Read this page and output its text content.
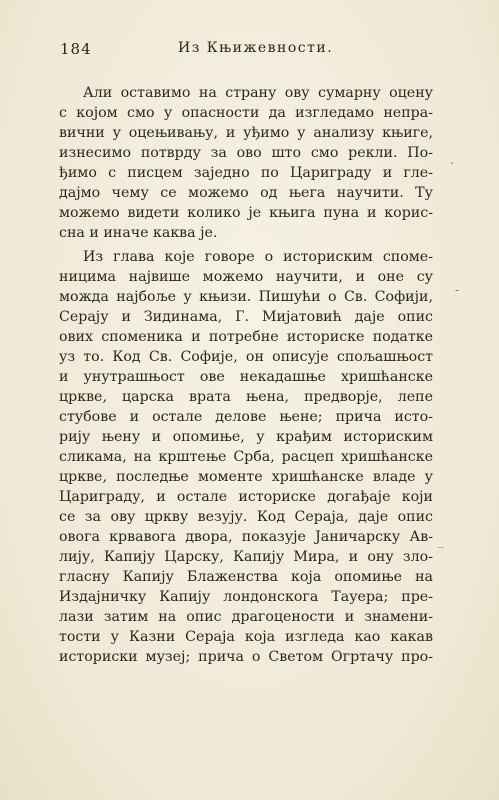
184	Из Књижевности.
Али оставимо на страну ову сумарну оцену
с којом смо у опасности да изгледамо непра-
вични у оцењивању, и уђимо у анализу књиге,
изнесимо потврду за ово што смо рекли. По-
ђимо с писцем заједно по Цариграду и гле-
дајмо чему се можемо од њега научити. Ту
можемо видети колико је књига пуна и корис-
сна и иначе каква је.
Из глава које говоре о историским споме-
ницима највише можемо научити, и оне су
можда најбоље у књизи. Пишући о Св. Софији,
Серају и Зидинама, Г. Мијатовић даје опис
ових споменика и потребне историске податке
уз то. Код Св. Софије, он описује спољашњост
и унутрашњост ове некадашње хришћанске
цркве, царска врата њена, предворје, лепе
стубове и остале делове њене; прича исто-
рију њену и опомиње, у крађим историским
сликама, на крштење Срба, расцеп хришћанске
цркве, последње моменте хришћанске владе у
Цариграду, и остале историске догађаје који
се за ову цркву везују. Код Сераја, даје опис
овога крвавога двора, показује Јаничарску Ав-
лију, Капију Царску, Капију Мира, и ону зло-
гласну Капију Блаженства која опомиње на
Издајничку Капију лондонскога Тауера; пре-
лази затим на опис драгоцености и знамени-
тости у Казни Сераја која изгледа као какав
историски музеј; прича о Светом Огртачу про-
.
-
_
